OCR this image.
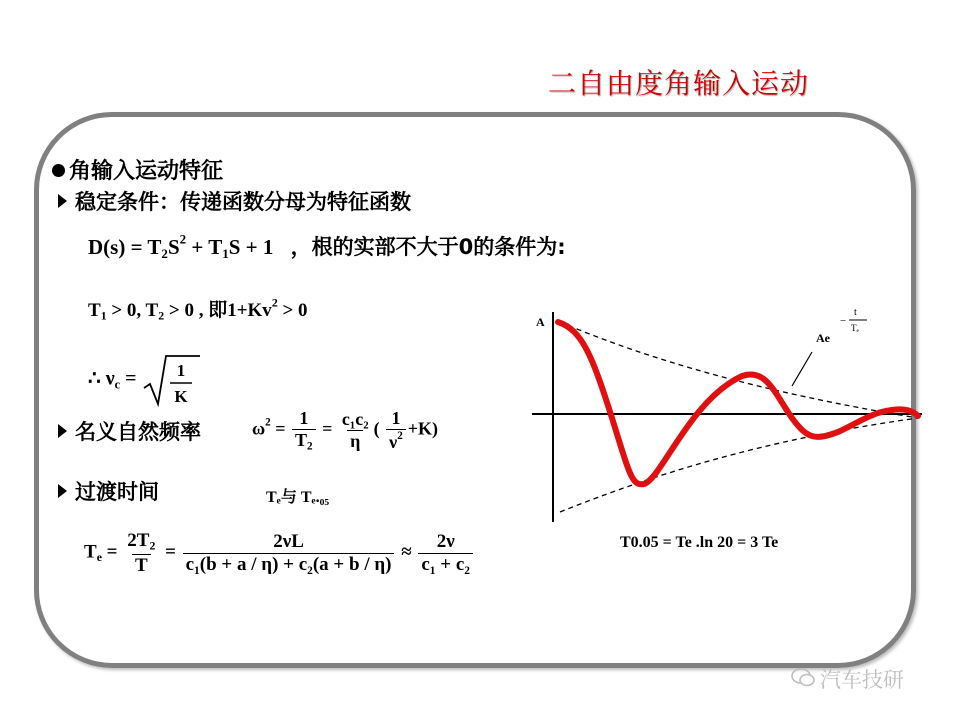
二自由度角输入运动
角输入运动特征
稳定条件：传递函数分母为特征函数
$D(s) = T_2S^2 + T_1S + 1$ ，根的实部不大于0的条件为:
$T_1 > 0$, $T_2 > 0$ , 即$1+Kv^2 > 0$
∴ $\nu_c = 1$
K
名义自然频率	$\omega^2 = \frac{1}{T_2} = \frac{\text{c₁c₂}}{\eta}$ ( $\frac{1}{\nu^2} +K$)
过渡时间	Tₑ与 Tₑ.₀₅
$T_e = \frac{2T_2}{T} = \frac{2\nu L}{\text{c₁(b + a / η) + c₂(a + b / η)}} \approx \frac{2\nu}{\text{c₁ + c₂}}$
A
Ae
−
t
Tₑ
T0.05 = Te .ln 20 = 3 Te
汽车技研
